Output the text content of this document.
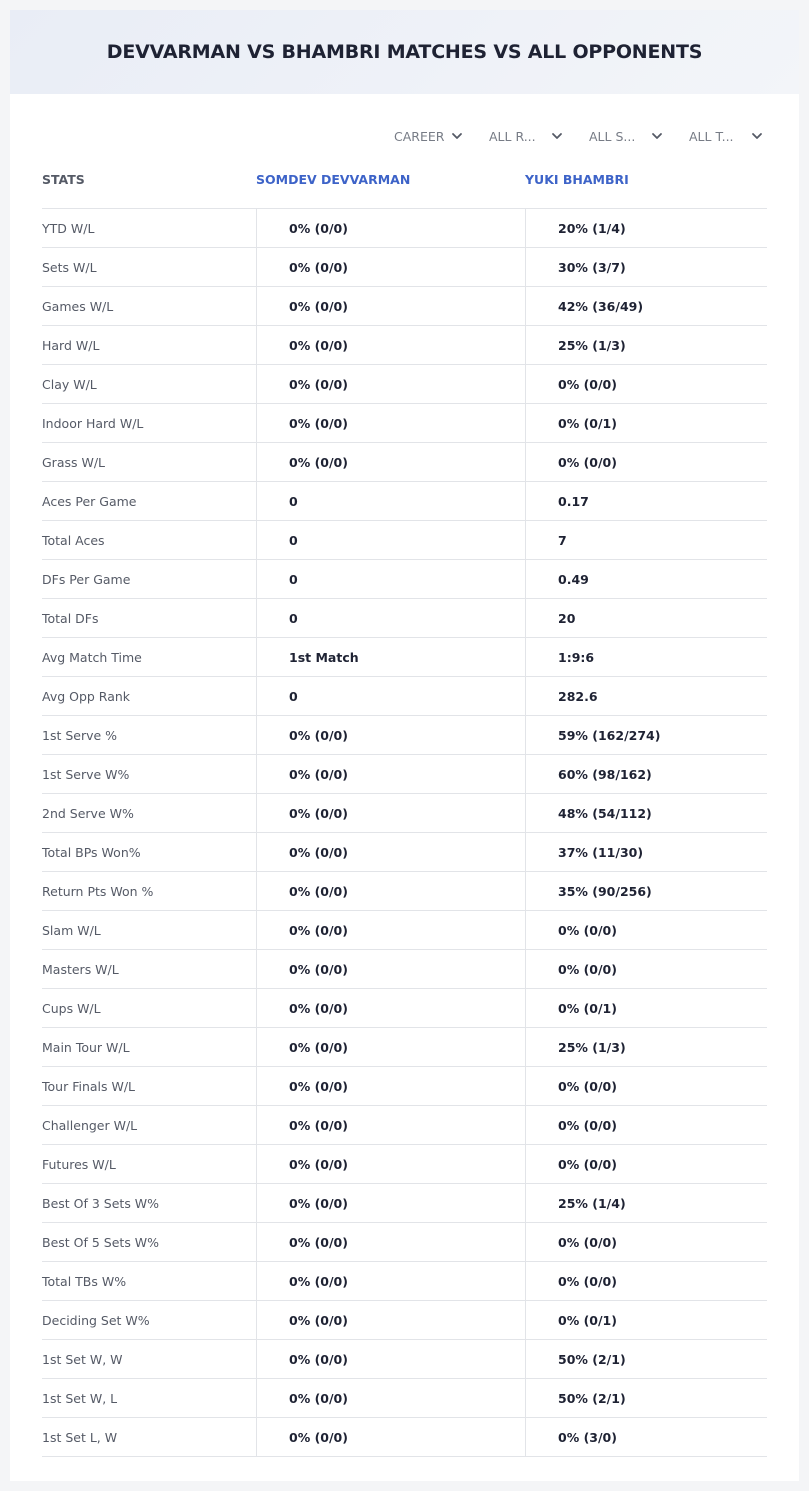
DEVVARMAN VS BHAMBRI MATCHES VS ALL OPPONENTS
CAREER	ALL R...	ALL S...	ALL T...
STATS	SOMDEV DEVVARMAN	YUKI BHAMBRI
YTD W/L	0% (0/0)	20% (1/4)
Sets W/L	0% (0/0)	30% (3/7)
Games W/L	0% (0/0)	42% (36/49)
Hard W/L	0% (0/0)	25% (1/3)
Clay W/L	0% (0/0)	0% (0/0)
Indoor Hard W/L	0% (0/0)	0% (0/1)
Grass W/L	0% (0/0)	0% (0/0)
Aces Per Game	0	0.17
Total Aces	0	7
DFs Per Game	0	0.49
Total DFs	0	20
Avg Match Time	1st Match	1:9:6
Avg Opp Rank	0	282.6
1st Serve %	0% (0/0)	59% (162/274)
1st Serve W%	0% (0/0)	60% (98/162)
2nd Serve W%	0% (0/0)	48% (54/112)
Total BPs Won%	0% (0/0)	37% (11/30)
Return Pts Won %	0% (0/0)	35% (90/256)
Slam W/L	0% (0/0)	0% (0/0)
Masters W/L	0% (0/0)	0% (0/0)
Cups W/L	0% (0/0)	0% (0/1)
Main Tour W/L	0% (0/0)	25% (1/3)
Tour Finals W/L	0% (0/0)	0% (0/0)
Challenger W/L	0% (0/0)	0% (0/0)
Futures W/L	0% (0/0)	0% (0/0)
Best Of 3 Sets W%	0% (0/0)	25% (1/4)
Best Of 5 Sets W%	0% (0/0)	0% (0/0)
Total TBs W%	0% (0/0)	0% (0/0)
Deciding Set W%	0% (0/0)	0% (0/1)
1st Set W, W	0% (0/0)	50% (2/1)
1st Set W, L	0% (0/0)	50% (2/1)
1st Set L, W	0% (0/0)	0% (3/0)
